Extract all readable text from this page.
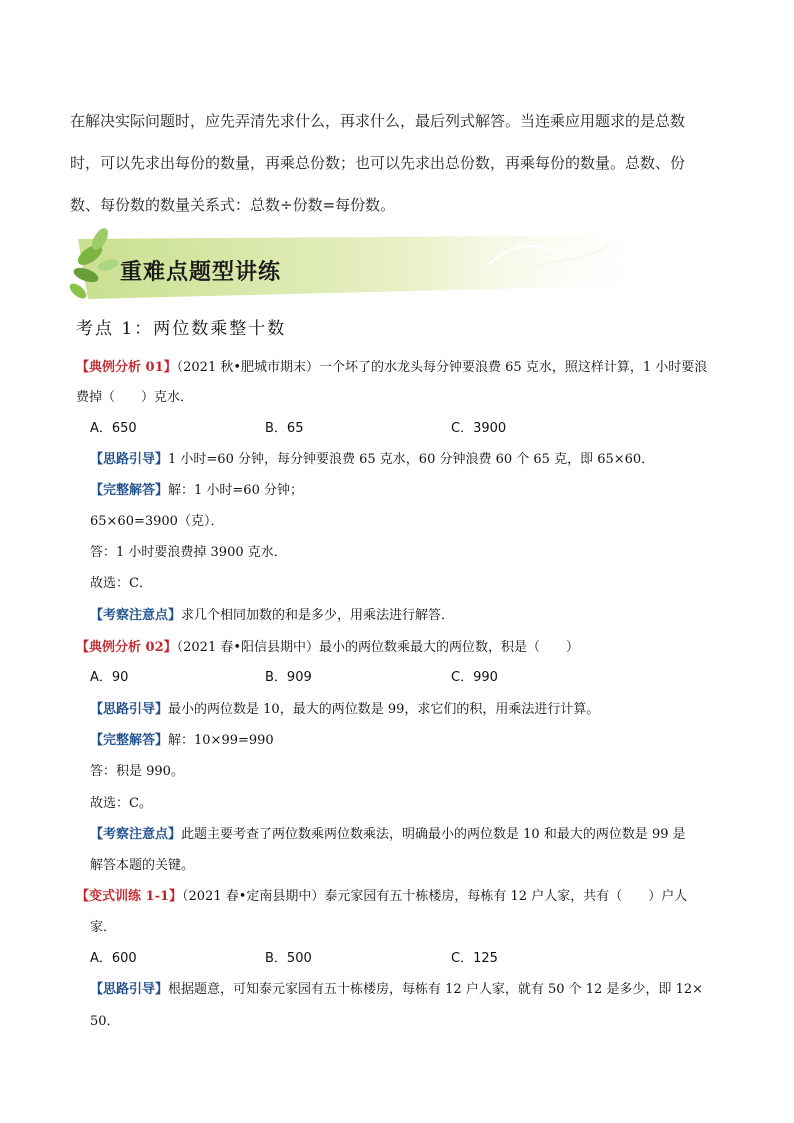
在解决实际问题时，应先弄清先求什么，再求什么，最后列式解答。当连乘应用题求的是总数
时，可以先求出每份的数量，再乘总份数；也可以先求出总份数，再乘每份的数量。总数、份
数、每份数的数量关系式：总数÷份数=每份数。
重难点题型讲练
考点 1：两位数乘整十数
【典例分析 01】（2021 秋•肥城市期末）一个坏了的水龙头每分钟要浪费 65 克水，照这样计算，1 小时要浪
费掉（　　）克水．
A．650	B．65	C．3900
【思路引导】1 小时=60 分钟，每分钟要浪费 65 克水，60 分钟浪费 60 个 65 克，即 65×60．
【完整解答】解：1 小时=60 分钟；
65×60=3900（克）．
答：1 小时要浪费掉 3900 克水．
故选：C．
【考察注意点】求几个相同加数的和是多少，用乘法进行解答．
【典例分析 02】（2021 春•阳信县期中）最小的两位数乘最大的两位数，积是（　　）
A．90	B．909	C．990
【思路引导】最小的两位数是 10，最大的两位数是 99，求它们的积，用乘法进行计算。
【完整解答】解：10×99=990
答：积是 990。
故选：C。
【考察注意点】此题主要考查了两位数乘两位数乘法，明确最小的两位数是 10 和最大的两位数是 99 是
解答本题的关键。
【变式训练 1-1】（2021 春•定南县期中）泰元家园有五十栋楼房，每栋有 12 户人家，共有（　　）户人
家．
A．600	B．500	C．125
【思路引导】根据题意，可知泰元家园有五十栋楼房，每栋有 12 户人家，就有 50 个 12 是多少，即 12×
50．
